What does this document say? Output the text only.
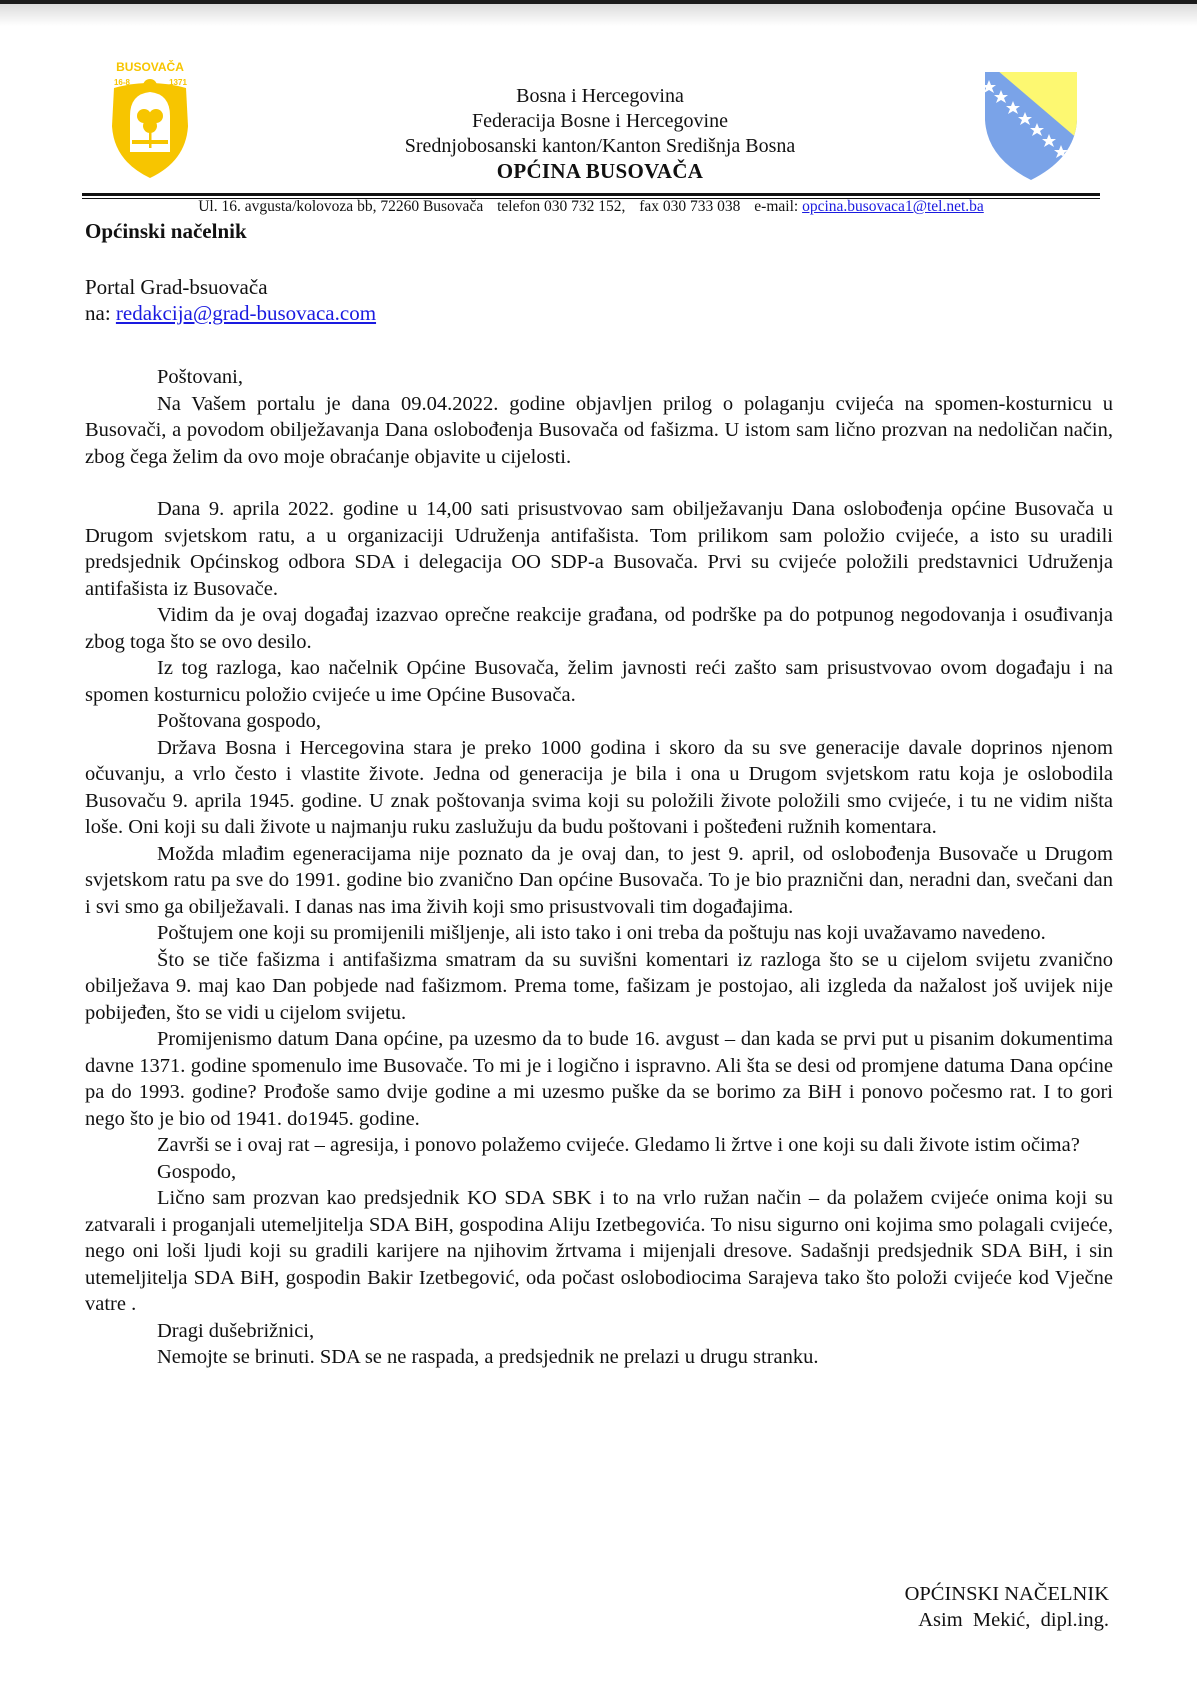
BUSOVAČA
16-8	1371
Bosna i Hercegovina
Federacija Bosne i Hercegovine
Srednjobosanski kanton/Kanton Središnja Bosna
OPĆINA BUSOVAČA
Ul. 16. avgusta/kolovoza bb, 72260 Busovača telefon 030 732 152, fax 030 733 038 e-mail: opcina.busovaca1@tel.net.ba
Općinski načelnik
Portal Grad-bsuovača
na: redakcija@grad-busovaca.com

Poštovani,

Na Vašem portalu je dana 09.04.2022. godine objavljen prilog o polaganju cvijeća na spomen-kosturnicu u Busovači, a povodom obilježavanja Dana oslobođenja Busovača od fašizma. U istom sam lično prozvan na nedoličan način, zbog čega želim da ovo moje obraćanje objavite u cijelosti.

Dana 9. aprila 2022. godine u 14,00 sati prisustvovao sam obilježavanju Dana oslobođenja općine Busovača u Drugom svjetskom ratu, a u organizaciji Udruženja antifašista. Tom prilikom sam položio cvijeće, a isto su uradili predsjednik Općinskog odbora SDA i delegacija OO SDP-a Busovača. Prvi su cvijeće položili predstavnici Udruženja antifašista iz Busovače.

Vidim da je ovaj događaj izazvao oprečne reakcije građana, od podrške pa do potpunog negodovanja i osuđivanja zbog toga što se ovo desilo.

Iz tog razloga, kao načelnik Općine Busovača, želim javnosti reći zašto sam prisustvovao ovom događaju i na spomen kosturnicu položio cvijeće u ime Općine Busovača.

Poštovana gospodo,

Država Bosna i Hercegovina stara je preko 1000 godina i skoro da su sve generacije davale doprinos njenom očuvanju, a vrlo često i vlastite živote. Jedna od generacija je bila i ona u Drugom svjetskom ratu koja je oslobodila Busovaču 9. aprila 1945. godine. U znak poštovanja svima koji su položili živote položili smo cvijeće, i tu ne vidim ništa loše. Oni koji su dali živote u najmanju ruku zaslužuju da budu poštovani i pošteđeni ružnih komentara.

Možda mlađim egeneracijama nije poznato da je ovaj dan, to jest 9. april, od oslobođenja Busovače u Drugom svjetskom ratu pa sve do 1991. godine bio zvanično Dan općine Busovača. To je bio praznični dan, neradni dan, svečani dan i svi smo ga obilježavali. I danas nas ima živih koji smo prisustvovali tim događajima.

Poštujem one koji su promijenili mišljenje, ali isto tako i oni treba da poštuju nas koji uvažavamo navedeno.

Što se tiče fašizma i antifašizma smatram da su suvišni komentari iz razloga što se u cijelom svijetu zvanično obilježava 9. maj kao Dan pobjede nad fašizmom. Prema tome, fašizam je postojao, ali izgleda da nažalost još uvijek nije pobijeđen, što se vidi u cijelom svijetu.

Promijenismo datum Dana općine, pa uzesmo da to bude 16. avgust – dan kada se prvi put u pisanim dokumentima davne 1371. godine spomenulo ime Busovače. To mi je i logično i ispravno. Ali šta se desi od promjene datuma Dana općine pa do 1993. godine? Prođoše samo dvije godine a mi uzesmo puške da se borimo za BiH i ponovo počesmo rat. I to gori nego što je bio od 1941. do1945. godine.

Završi se i ovaj rat – agresija, i ponovo polažemo cvijeće. Gledamo li žrtve i one koji su dali živote istim očima?

Gospodo,

Lično sam prozvan kao predsjednik KO SDA SBK i to na vrlo ružan način – da polažem cvijeće onima koji su zatvarali i proganjali utemeljitelja SDA BiH, gospodina Aliju Izetbegovića. To nisu sigurno oni kojima smo polagali cvijeće, nego oni loši ljudi koji su gradili karijere na njihovim žrtvama i mijenjali dresove. Sadašnji predsjednik SDA BiH, i sin utemeljitelja SDA BiH, gospodin Bakir Izetbegović, oda počast oslobodiocima Sarajeva tako što položi cvijeće kod Vječne vatre .

Dragi dušebrižnici,

Nemojte se brinuti. SDA se ne raspada, a predsjednik ne prelazi u drugu stranku.

OPĆINSKI NAČELNIK
Asim  Mekić,  dipl.ing.
